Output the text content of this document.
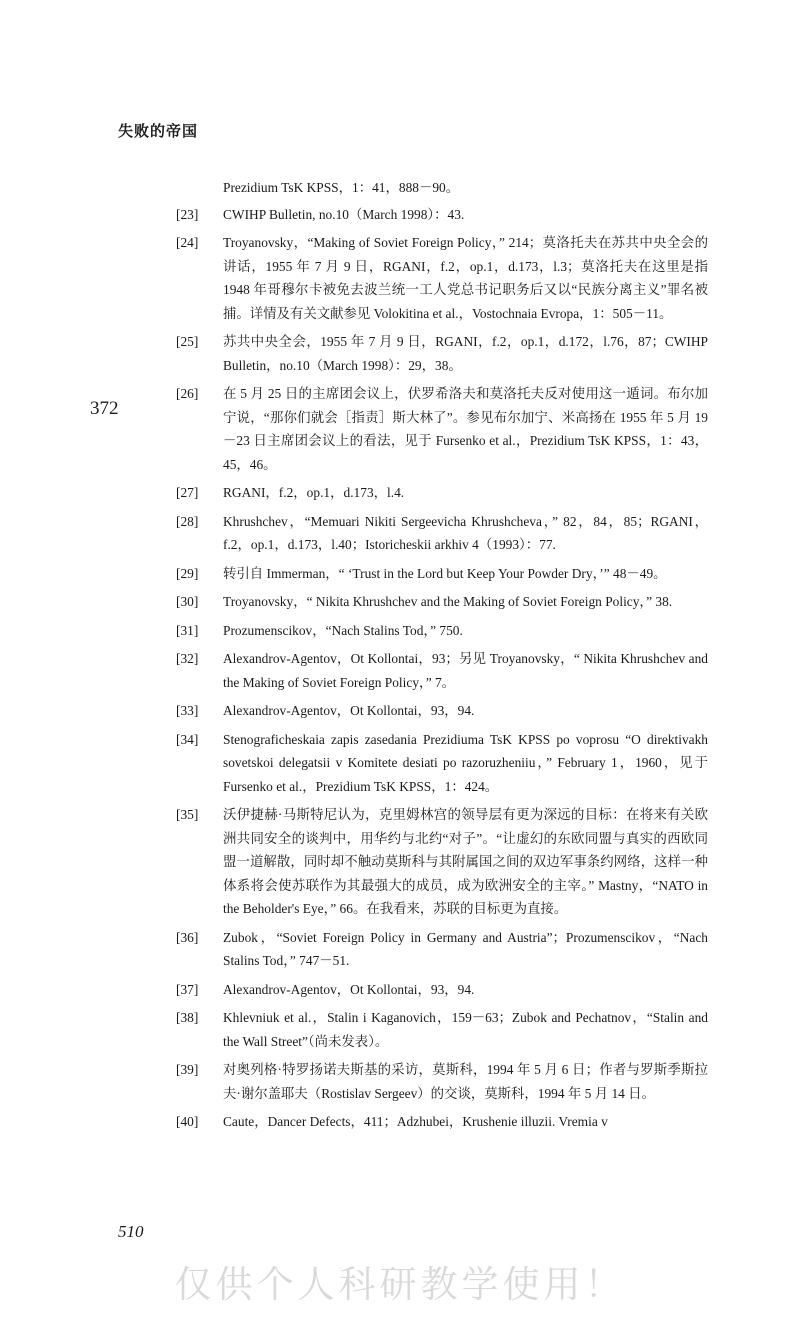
失败的帝国
372
Prezidium TsK KPSS，1：41，888－90。
[23]	CWIHP Bulletin, no.10（March 1998）：43.
[24]	Troyanovsky，“Making of Soviet Foreign Policy，” 214；莫洛托夫在苏共中央全会的讲话，1955 年 7 月 9 日，RGANI，f.2，op.1，d.173，l.3；莫洛托夫在这里是指 1948 年哥穆尔卡被免去波兰统一工人党总书记职务后又以“民族分离主义”罪名被捕。详情及有关文献参见 Volokitina et al.，Vostochnaia Evropa，1：505－11。
[25]	苏共中央全会，1955 年 7 月 9 日，RGANI，f.2，op.1，d.172，l.76，87；CWIHP Bulletin，no.10（March 1998）：29，38。
[26]	在 5 月 25 日的主席团会议上，伏罗希洛夫和莫洛托夫反对使用这一遁词。布尔加宁说，“那你们就会［指责］斯大林了”。参见布尔加宁、米高扬在 1955 年 5 月 19－23 日主席团会议上的看法，见于 Fursenko et al.，Prezidium TsK KPSS，1：43，45，46。
[27]	RGANI，f.2，op.1，d.173，l.4.
[28]	Khrushchev，“Memuari Nikiti Sergeevicha Khrushcheva，” 82，84，85；RGANI，f.2，op.1，d.173，l.40；Istoricheskii arkhiv 4（1993）：77.
[29]	转引自 Immerman，“ ‘Trust in the Lord but Keep Your Powder Dry，’” 48－49。
[30]	Troyanovsky，“ Nikita Khrushchev and the Making of Soviet Foreign Policy，” 38.
[31]	Prozumenscikov，“Nach Stalins Tod，” 750.
[32]	Alexandrov-Agentov，Ot Kollontai，93；另见 Troyanovsky，“ Nikita Khrushchev and the Making of Soviet Foreign Policy，” 7。
[33]	Alexandrov-Agentov，Ot Kollontai，93，94.
[34]	Stenograficheskaia zapis zasedania Prezidiuma TsK KPSS po voprosu “O direktivakh sovetskoi delegatsii v Komitete desiati po razoruzheniiu，” February 1，1960，见于 Fursenko et al.，Prezidium TsK KPSS，1：424。
[35]	沃伊捷赫·马斯特尼认为，克里姆林宫的领导层有更为深远的目标：在将来有关欧洲共同安全的谈判中，用华约与北约“对子”。“让虚幻的东欧同盟与真实的西欧同盟一道解散，同时却不触动莫斯科与其附属国之间的双边军事条约网络，这样一种体系将会使苏联作为其最强大的成员，成为欧洲安全的主宰。” Mastny，“NATO in the Beholder's Eye，” 66。在我看来，苏联的目标更为直接。
[36]	Zubok，“Soviet Foreign Policy in Germany and Austria”；Prozumenscikov，“Nach Stalins Tod，” 747－51.
[37]	Alexandrov-Agentov，Ot Kollontai，93，94.
[38]	Khlevniuk et al.，Stalin i Kaganovich，159－63；Zubok and Pechatnov，“Stalin and the Wall Street”（尚未发表）。
[39]	对奥列格·特罗扬诺夫斯基的采访，莫斯科，1994 年 5 月 6 日；作者与罗斯季斯拉夫·谢尔盖耶夫（Rostislav Sergeev）的交谈，莫斯科，1994 年 5 月 14 日。
[40]	Caute，Dancer Defects，411；Adzhubei，Krushenie illuzii. Vremia v
510
仅供个人科研教学使用！
